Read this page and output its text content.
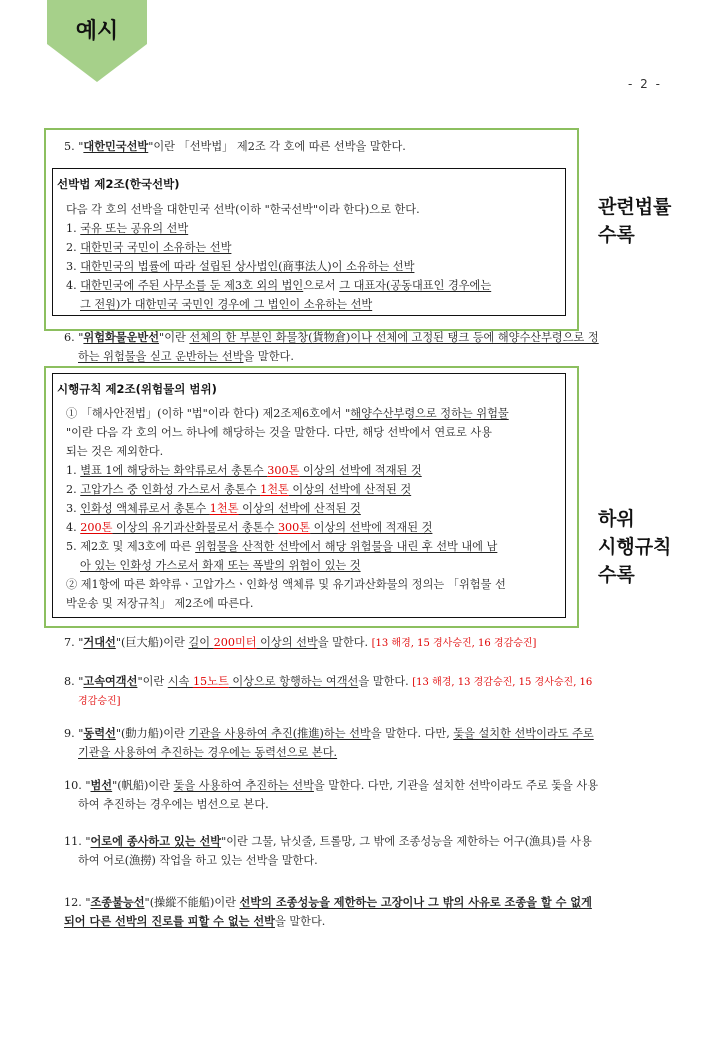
예시
- 2 -
5. "대한민국선박"이란 「선박법」 제2조 각 호에 따른 선박을 말한다.
선박법 제2조(한국선박)
다음 각 호의 선박을 대한민국 선박(이하 "한국선박"이라 한다)으로 한다.
1. 국유 또는 공유의 선박
2. 대한민국 국민이 소유하는 선박
3. 대한민국의 법률에 따라 설립된 상사법인(商事法人)이 소유하는 선박
4. 대한민국에 주된 사무소를 둔 제3호 외의 법인으로서 그 대표자(공동대표인 경우에는
그 전원)가 대한민국 국민인 경우에 그 법인이 소유하는 선박
관련법률
수록
6. "위험화물운반선"이란 선체의 한 부분인 화물창(貨物倉)이나 선체에 고정된 탱크 등에 해양수산부령으로 정
하는 위험물을 싣고 운반하는 선박을 말한다.
시행규칙 제2조(위험물의 범위)
① 「해사안전법」(이하 "법"이라 한다) 제2조제6호에서 "해양수산부령으로 정하는 위험물
"이란 다음 각 호의 어느 하나에 해당하는 것을 말한다. 다만, 해당 선박에서 연료로 사용
되는 것은 제외한다.
1. 별표 1에 해당하는 화약류로서 총톤수 300톤 이상의 선박에 적재된 것
2. 고압가스 중 인화성 가스로서 총톤수 1천톤 이상의 선박에 산적된 것
3. 인화성 액체류로서 총톤수 1천톤 이상의 선박에 산적된 것
4. 200톤 이상의 유기과산화물로서 총톤수 300톤 이상의 선박에 적재된 것
5. 제2호 및 제3호에 따른 위험물을 산적한 선박에서 해당 위험물을 내린 후 선박 내에 남
아 있는 인화성 가스로서 화재 또는 폭발의 위험이 있는 것
② 제1항에 따른 화약류ㆍ고압가스ㆍ인화성 액체류 및 유기과산화물의 정의는 「위험물 선
박운송 및 저장규칙」 제2조에 따른다.
하위
시행규칙
수록
7. "거대선"(巨大船)이란 길이 200미터 이상의 선박을 말한다. [13 해경, 15 경사승진, 16 경감승진]
8. "고속여객선"이란 시속 15노트 이상으로 항행하는 여객선을 말한다. [13 해경, 13 경감승진, 15 경사승진, 16
경감승진]
9. "동력선"(動力船)이란 기관을 사용하여 추진(推進)하는 선박을 말한다. 다만, 돛을 설치한 선박이라도 주로
기관을 사용하여 추진하는 경우에는 동력선으로 본다.
10. "범선"(帆船)이란 돛을 사용하여 추진하는 선박을 말한다. 다만, 기관을 설치한 선박이라도 주로 돛을 사용
하여 추진하는 경우에는 범선으로 본다.
11. "어로에 종사하고 있는 선박"이란 그물, 낚싯줄, 트롤망, 그 밖에 조종성능을 제한하는 어구(漁具)를 사용
하여 어로(漁撈) 작업을 하고 있는 선박을 말한다.
12. "조종불능선"(操縱不能船)이란 선박의 조종성능을 제한하는 고장이나 그 밖의 사유로 조종을 할 수 없게
되어 다른 선박의 진로를 피할 수 없는 선박을 말한다.
